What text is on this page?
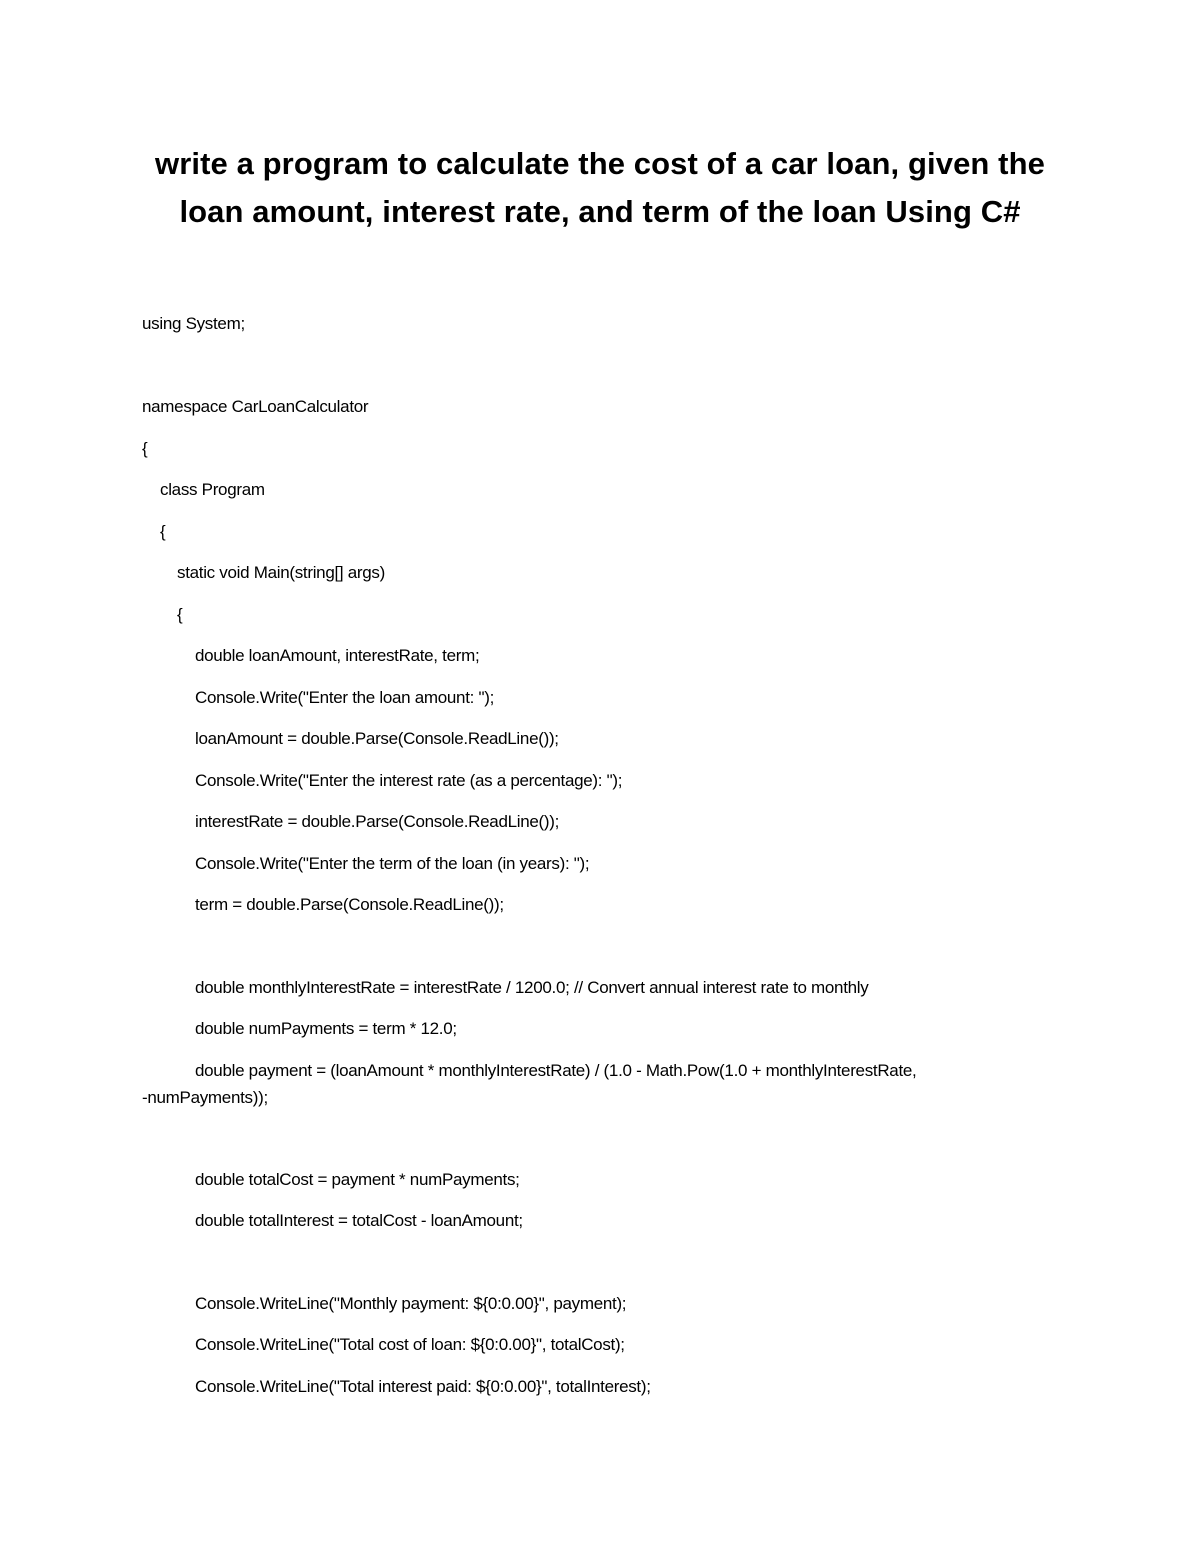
write a program to calculate the cost of a car loan, given the
loan amount, interest rate, and term of the loan Using C#
using System;
namespace CarLoanCalculator
{
class Program
{
static void Main(string[] args)
{
double loanAmount, interestRate, term;
Console.Write("Enter the loan amount: ");
loanAmount = double.Parse(Console.ReadLine());
Console.Write("Enter the interest rate (as a percentage): ");
interestRate = double.Parse(Console.ReadLine());
Console.Write("Enter the term of the loan (in years): ");
term = double.Parse(Console.ReadLine());
double monthlyInterestRate = interestRate / 1200.0; // Convert annual interest rate to monthly
double numPayments = term * 12.0;
double payment = (loanAmount * monthlyInterestRate) / (1.0 - Math.Pow(1.0 + monthlyInterestRate,
-numPayments));
double totalCost = payment * numPayments;
double totalInterest = totalCost - loanAmount;
Console.WriteLine("Monthly payment: ${0:0.00}", payment);
Console.WriteLine("Total cost of loan: ${0:0.00}", totalCost);
Console.WriteLine("Total interest paid: ${0:0.00}", totalInterest);
